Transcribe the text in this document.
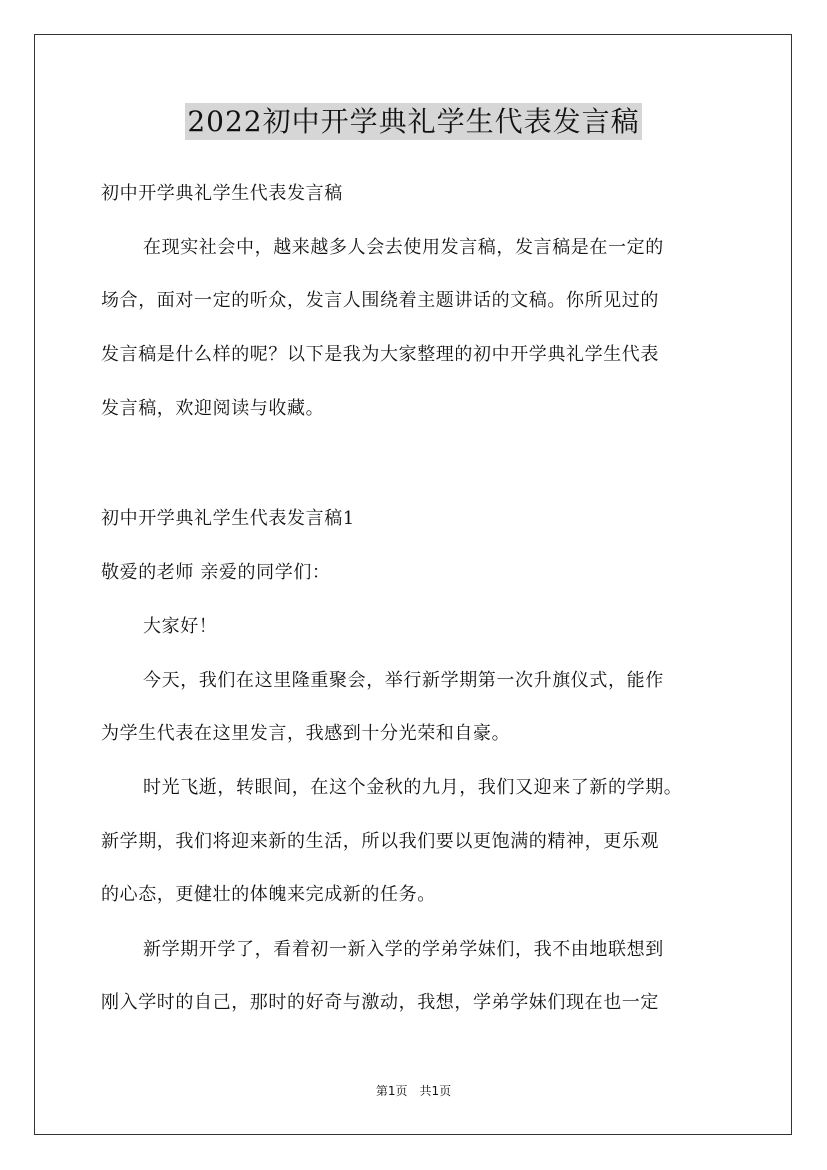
2022初中开学典礼学生代表发言稿
初中开学典礼学生代表发言稿
在现实社会中，越来越多人会去使用发言稿，发言稿是在一定的
场合，面对一定的听众，发言人围绕着主题讲话的文稿。你所见过的
发言稿是什么样的呢？以下是我为大家整理的初中开学典礼学生代表
发言稿，欢迎阅读与收藏。
初中开学典礼学生代表发言稿1
敬爱的老师 亲爱的同学们：
大家好！
今天，我们在这里隆重聚会，举行新学期第一次升旗仪式，能作
为学生代表在这里发言，我感到十分光荣和自豪。
时光飞逝，转眼间，在这个金秋的九月，我们又迎来了新的学期。
新学期，我们将迎来新的生活，所以我们要以更饱满的精神，更乐观
的心态，更健壮的体魄来完成新的任务。
新学期开学了，看着初一新入学的学弟学妹们，我不由地联想到
刚入学时的自己，那时的好奇与激动，我想，学弟学妹们现在也一定
第1页　共1页
